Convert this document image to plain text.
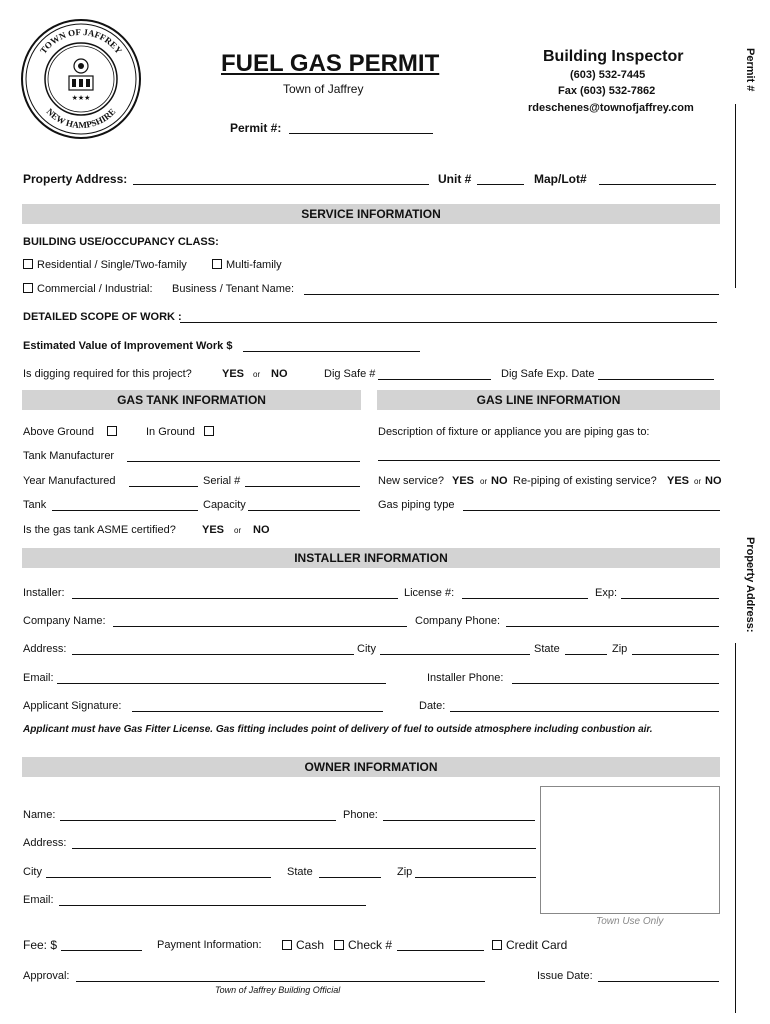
TOWN OF JAFFREY
NEW HAMPSHIRE
★★★
FUEL GAS PERMIT
Town of Jaffrey
Permit #:
Building Inspector
(603) 532-7445
Fax (603) 532-7862
rdeschenes@townofjaffrey.com
Permit #
Property Address:
Property Address:	Unit #	Map/Lot#
SERVICE INFORMATION
BUILDING USE/OCCUPANCY CLASS:
Residential / Single/Two-family	Multi-family
Commercial / Industrial: Business / Tenant Name:
DETAILED SCOPE OF WORK :
Estimated Value of Improvement Work $
Is digging required for this project?	YES or NO	Dig Safe #	Dig Safe Exp. Date
GAS TANK INFORMATION	GAS LINE INFORMATION
Above Ground	In Ground
Tank Manufacturer
Year Manufactured	Serial #
Tank	Capacity
Is the gas tank ASME certified? YES or NO
Description of fixture or appliance you are piping gas to:
New service? YES or NO Re-piping of existing service? YES or NO
Gas piping type
INSTALLER INFORMATION
Installer:	License #:	Exp:
Company Name:	Company Phone:
Address:	City	State	Zip
Email:	Installer Phone:
Applicant Signature:	Date:
Applicant must have Gas Fitter License. Gas fitting includes point of delivery of fuel to outside atmosphere including conbustion air.
OWNER INFORMATION
Name:	Phone:
Address:
City	State	Zip
Email:
Town Use Only
Fee: $	Payment Information:	Cash	Check #	Credit Card
Approval:	Issue Date:
Town of Jaffrey Building Official
